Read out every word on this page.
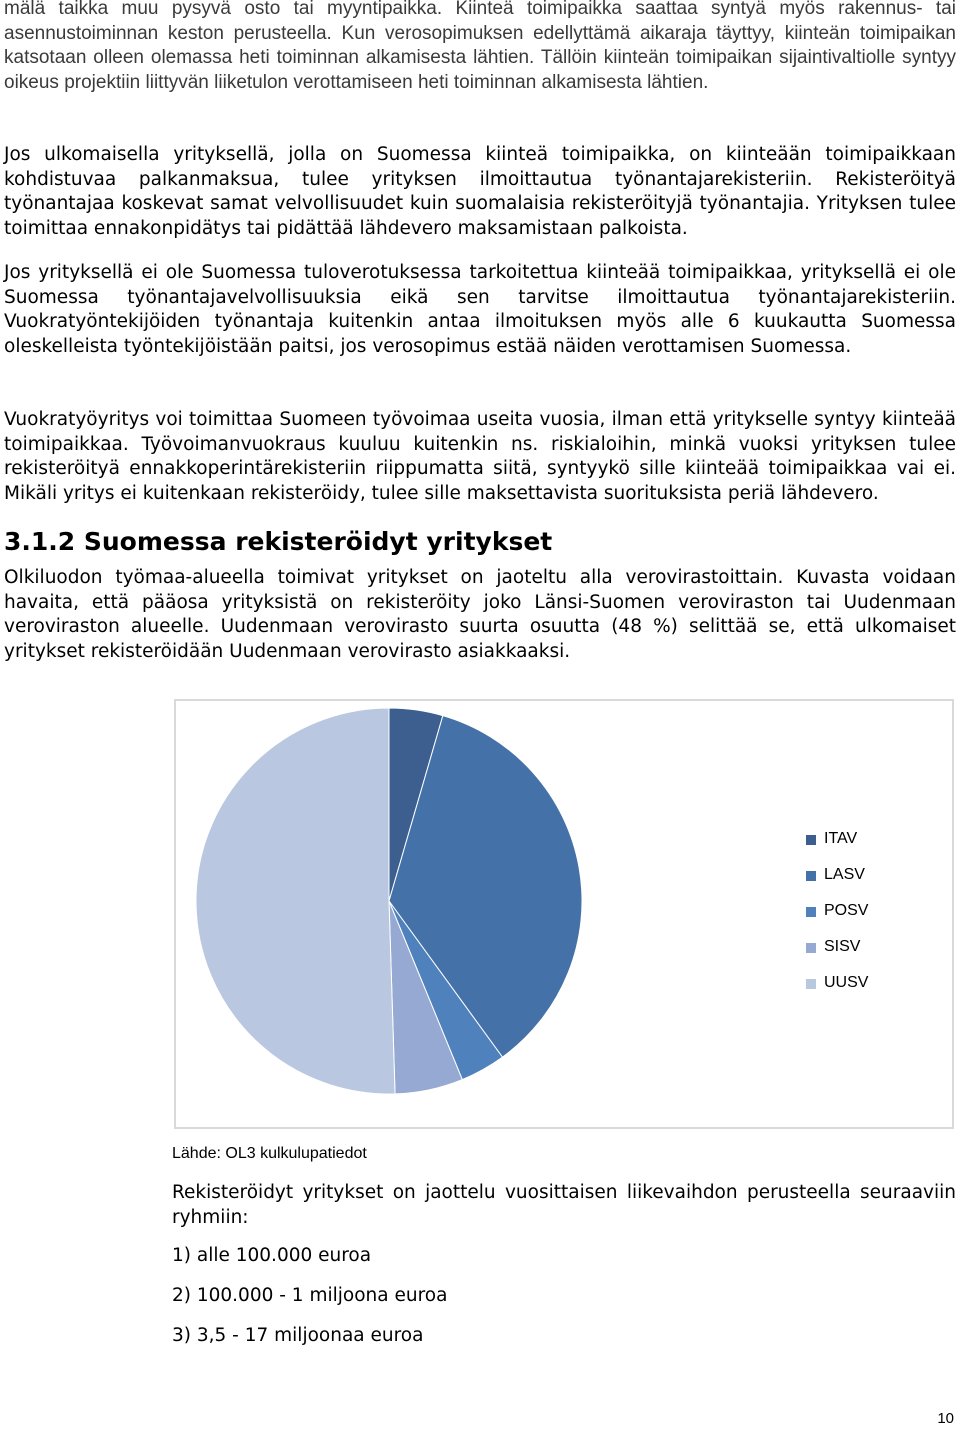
mälä taikka muu pysyvä osto tai myyntipaikka. Kiinteä toimipaikka saattaa syntyä myös rakennus- tai asennustoiminnan keston perusteella. Kun verosopimuksen edellyttämä aikaraja täyttyy, kiinteän toimipaikan katsotaan olleen olemassa heti toiminnan alkamisesta lähtien. Tällöin kiinteän toimipaikan sijaintivaltiolle syntyy oikeus projektiin liittyvän liiketulon verottamiseen heti toiminnan alkamisesta lähtien.

Jos ulkomaisella yrityksellä, jolla on Suomessa kiinteä toimipaikka, on kiinteään toimipaikkaan kohdistuvaa palkanmaksua, tulee yrityksen ilmoittautua työnantajarekisteriin. Rekisteröityä työnantajaa koskevat samat velvollisuudet kuin suomalaisia rekisteröityjä työnantajia. Yrityksen tulee toimittaa ennakonpidätys tai pidättää lähdevero maksamistaan palkoista.

Jos yrityksellä ei ole Suomessa tuloverotuksessa tarkoitettua kiinteää toimipaikkaa, yrityksellä ei ole Suomessa työnantajavelvollisuuksia eikä sen tarvitse ilmoittautua työnantajarekisteriin. Vuokratyöntekijöiden työnantaja kuitenkin antaa ilmoituksen myös alle 6 kuukautta Suomessa oleskelleista työntekijöistään paitsi, jos verosopimus estää näiden verottamisen Suomessa.

Vuokratyöyritys voi toimittaa Suomeen työvoimaa useita vuosia, ilman että yritykselle syntyy kiinteää toimipaikkaa. Työvoimanvuokraus kuuluu kuitenkin ns. riskialoihin, minkä vuoksi yrityksen tulee rekisteröityä ennakkoperintärekisteriin riippumatta siitä, syntyykö sille kiinteää toimipaikkaa vai ei. Mikäli yritys ei kuitenkaan rekisteröidy, tulee sille maksettavista suorituksista periä lähdevero.

3.1.2 Suomessa rekisteröidyt yritykset

Olkiluodon työmaa-alueella toimivat yritykset on jaoteltu alla verovirastoittain. Kuvasta voidaan havaita, että pääosa yrityksistä on rekisteröity joko Länsi-Suomen veroviraston tai Uudenmaan veroviraston alueelle. Uudenmaan verovirasto suurta osuutta (48 %) selittää se, että ulkomaiset yritykset rekisteröidään Uudenmaan verovirasto asiakkaaksi.

ITAV
LASV
POSV
SISV
UUSV

Lähde: OL3 kulkulupatiedot

Rekisteröidyt yritykset on jaottelu vuosittaisen liikevaihdon perusteella seuraaviin ryhmiin:

1) alle 100.000 euroa

2) 100.000 - 1 miljoona euroa

3) 3,5 - 17 miljoonaa euroa

10
